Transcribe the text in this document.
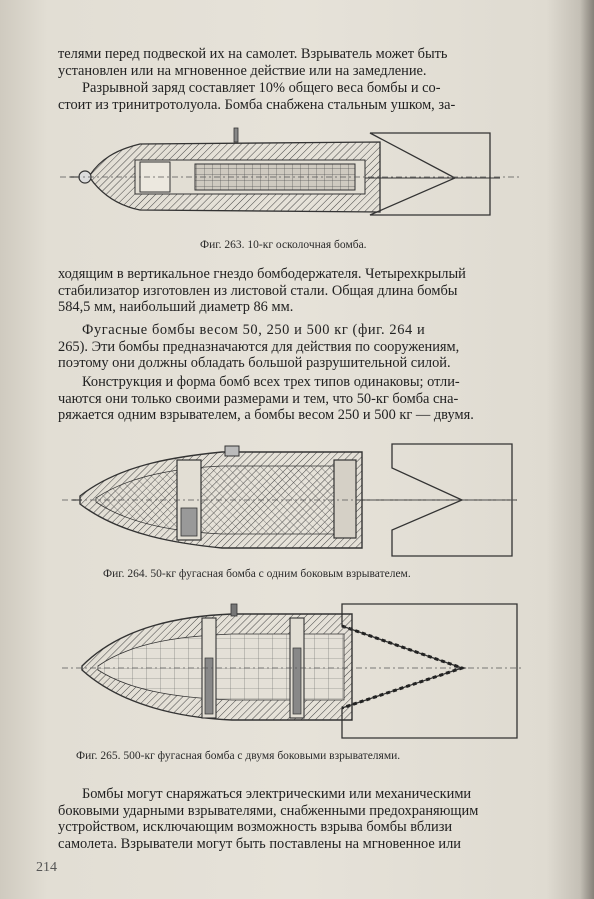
телями перед подвеской их на самолет. Взрыватель может быть
установлен или на мгновенное действие или на замедление.
Разрывной заряд составляет 10% общего веса бомбы и со-
стоит из тринитротолуола. Бомба снабжена стальным ушком, за-
Фиг. 263. 10-кг осколочная бомба.
ходящим в вертикальное гнездо бомбодержателя. Четырехкрылый
стабилизатор изготовлен из листовой стали. Общая длина бомбы
584,5 мм, наибольший диаметр 86 мм.
Фугасные бомбы весом 50, 250 и 500 кг (фиг. 264 и
265). Эти бомбы предназначаются для действия по сооружениям,
поэтому они должны обладать большой разрушительной силой.
Конструкция и форма бомб всех трех типов одинаковы; отли-
чаются они только своими размерами и тем, что 50-кг бомба сна-
ряжается одним взрывателем, а бомбы весом 250 и 500 кг — двумя.
Фиг. 264. 50-кг фугасная бомба с одним боковым взрывателем.
Фиг. 265. 500-кг фугасная бомба с двумя боковыми взрывателями.
Бомбы могут снаряжаться электрическими или механическими
боковыми ударными взрывателями, снабженными предохраняющим
устройством, исключающим возможность взрыва бомбы вблизи
самолета. Взрыватели могут быть поставлены на мгновенное или
214
